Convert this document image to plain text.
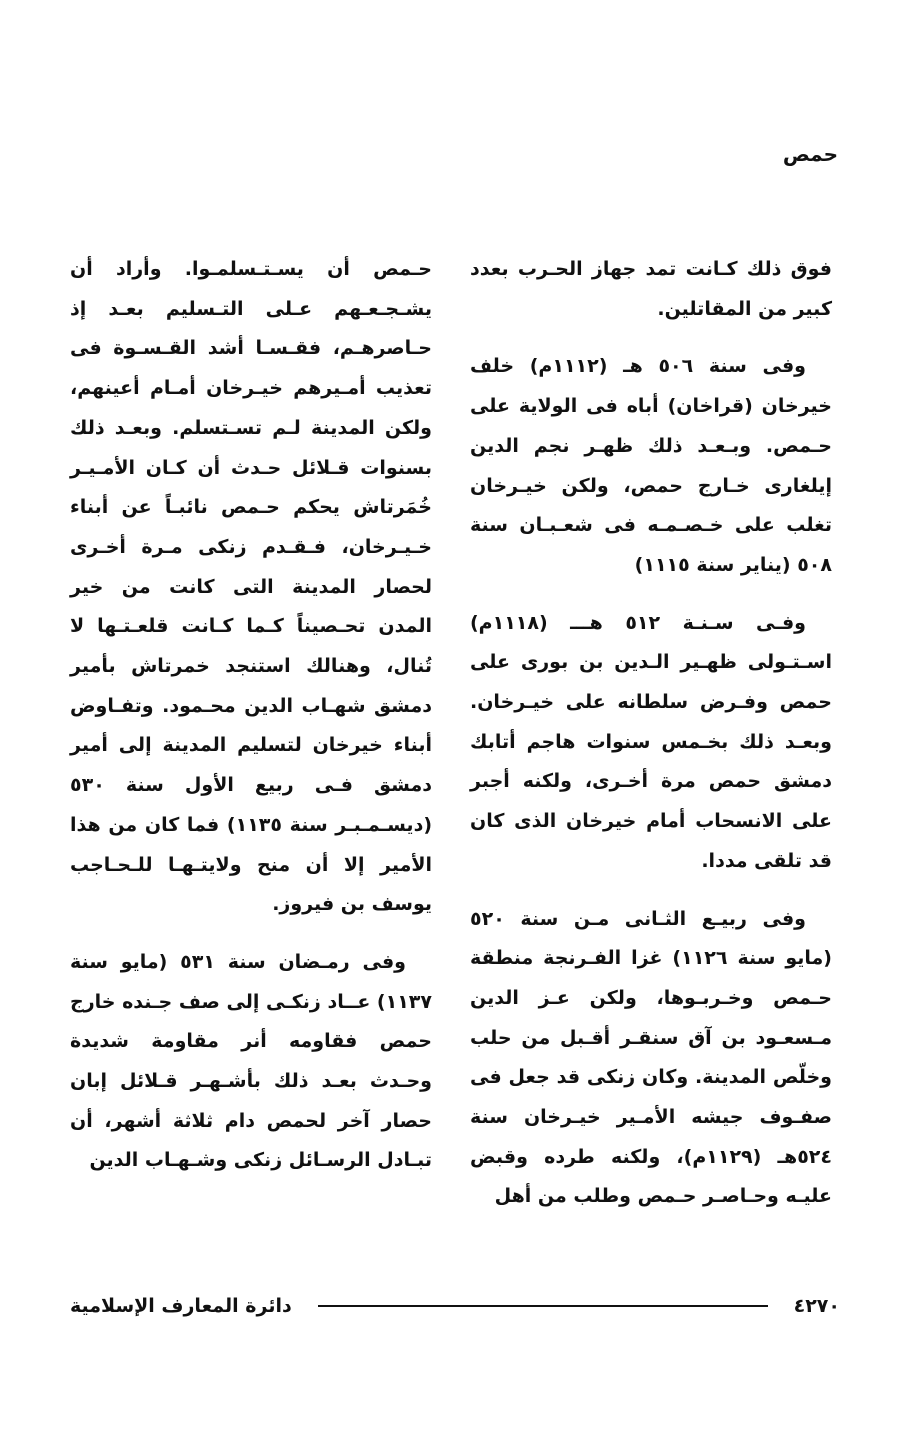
حمص

فوق ذلك كـانت تمد جهاز الحـرب بعدد كبير من المقاتلين.

وفى سنة ٥٠٦ هـ (١١١٢م) خلف خيرخان (قراخان) أباه فى الولاية على حـمص. وبـعـد ذلك ظهـر نجم الدين إيلغارى خـارج حمص، ولكن خيـرخان تغلب على خـصـمـه فى شعـبـان سنة ٥٠٨ (يناير سنة ١١١٥)

وفـى سـنـة ٥١٢ هـــ (١١١٨م) اسـتـولى ظهـير الـدين بن بورى على حمص وفـرض سلطانه على خيـرخان. وبعـد ذلك بخـمس سنوات هاجم أتابك دمشق حمص مرة أخـرى، ولكنه أجبر على الانسحاب أمام خيرخان الذى كان قد تلقى مددا.

وفى ربيـع الثـانى مـن سنة ٥٢٠ (مايو سنة ١١٢٦) غزا الفـرنجة منطقة حـمص وخـربـوها، ولكن عـز الدين مـسعـود بن آق سنقـر أقـبل من حلب وخلّص المدينة. وكان زنكى قد جعل فى صفـوف جيشه الأمـير خيـرخان سنة ٥٢٤هـ (١١٢٩م)، ولكنه طرده وقبض عليـه وحـاصـر حـمص وطلب من أهل

حـمص أن يسـتـسلمـوا. وأراد أن يشـجـعـهم عـلى التـسليم بعـد إذ حـاصرهـم، فقـسـا أشد القـسـوة فى تعذيب أمـيرهم خيـرخان أمـام أعينهم، ولكن المدينة لـم تسـتسلم. وبعـد ذلك بسنوات قـلائل حـدث أن كـان الأمـيـر خُمَرتاش يحكم حـمص نائبـاً عن أبناء خـيـرخان، فـقـدم زنكى مـرة أخـرى لحصار المدينة التى كانت من خير المدن تحـصيناً كـما كـانت قلعـتـها لا تُنال، وهنالك استنجد خمرتاش بأمير دمشق شهـاب الدين محـمود. وتفـاوض أبناء خيرخان لتسليم المدينة إلى أمير دمشق فـى ربيع الأول سنة ٥٣٠ (ديسـمـبـر سنة ١١٣٥) فما كان من هذا الأمير إلا أن منح ولايتـهـا للـحـاجب يوسف بن فيروز.

وفى رمـضان سنة ٥٣١ (مايو سنة ١١٣٧) عــاد زنكـى إلى صف جـنده خارج حمص فقاومه أنر مقاومة شديدة وحـدث بعـد ذلك بأشـهـر قـلائل إبان حصار آخر لحمص دام ثلاثة أشهر، أن تبـادل الرسـائل زنكى وشـهـاب الدين

٤٢٧٠
دائرة المعارف الإسلامية
